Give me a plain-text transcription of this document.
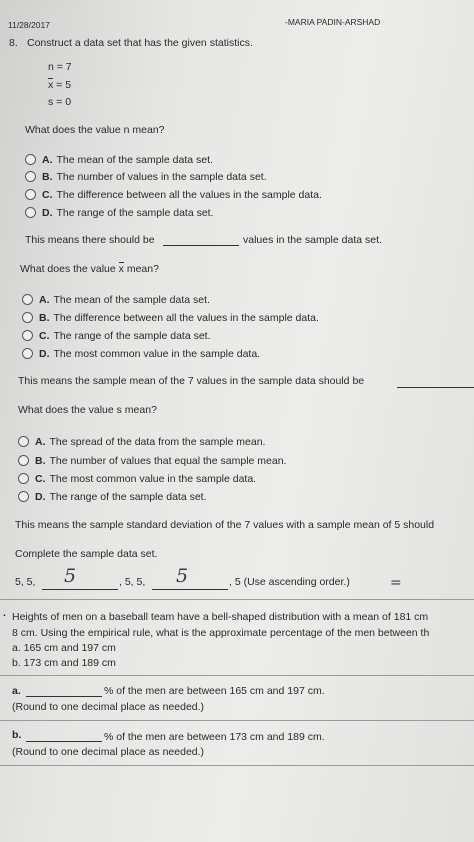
11/28/2017	-MARIA PADIN-ARSHAD
8. Construct a data set that has the given statistics.
n = 7
x = 5
s = 0
What does the value n mean?
A. The mean of the sample data set.
B. The number of values in the sample data set.
C. The difference between all the values in the sample data.
D. The range of the sample data set.
This means there should be	values in the sample data set.
What does the value x mean?
A. The mean of the sample data set.
B. The difference between all the values in the sample data.
C. The range of the sample data set.
D. The most common value in the sample data.
This means the sample mean of the 7 values in the sample data should be
What does the value s mean?
A. The spread of the data from the sample mean.
B. The number of values that equal the sample mean.
C. The most common value in the sample data.
D. The range of the sample data set.
This means the sample standard deviation of the 7 values with a sample mean of 5 should
Complete the sample data set.
5, 5, 5	, 5, 5, 5	, 5 (Use ascending order.)	=
. Heights of men on a baseball team have a bell-shaped distribution with a mean of 181 cm
8 cm. Using the empirical rule, what is the approximate percentage of the men between th
a. 165 cm and 197 cm
b. 173 cm and 189 cm
a.	% of the men are between 165 cm and 197 cm.
(Round to one decimal place as needed.)
b.	% of the men are between 173 cm and 189 cm.
(Round to one decimal place as needed.)
